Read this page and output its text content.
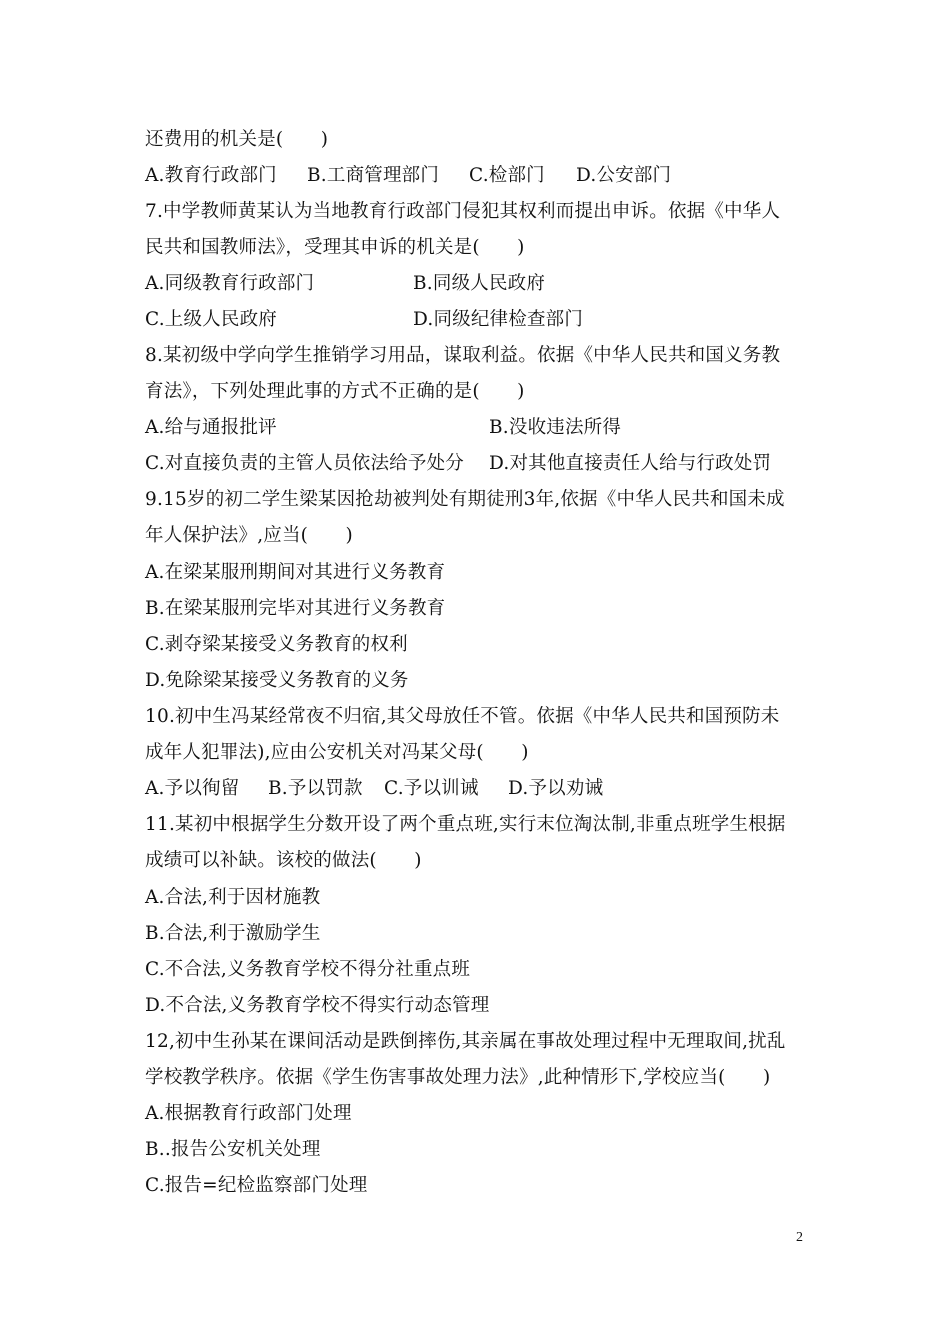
还费用的机关是(　　)
A.教育行政部门 B.工商管理部门 C.检部门 D.公安部门
7.中学教师黄某认为当地教育行政部门侵犯其权利而提出申诉。依据《中华人
民共和国教师法》，受理其申诉的机关是(　　)
A.同级教育行政部门	B.同级人民政府
C.上级人民政府	D.同级纪律检查部门
8.某初级中学向学生推销学习用品，谋取利益。依据《中华人民共和国义务教
育法》，下列处理此事的方式不正确的是(　　)
A.给与通报批评	B.没收违法所得
C.对直接负责的主管人员依法给予处分 D.对其他直接责任人给与行政处罚
9.15岁的初二学生梁某因抢劫被判处有期徒刑3年,依据《中华人民共和国未成
年人保护法》,应当(　　)
A.在梁某服刑期间对其进行义务教育
B.在梁某服刑完毕对其进行义务教育
C.剥夺梁某接受义务教育的权利
D.免除梁某接受义务教育的义务
10.初中生冯某经常夜不归宿,其父母放任不管。依据《中华人民共和国预防未
成年人犯罪法),应由公安机关对冯某父母(　　)
A.予以徇留 B.予以罚款 C.予以训诫 D.予以劝诫
11.某初中根据学生分数开设了两个重点班,实行末位淘汰制,非重点班学生根据
成绩可以补缺。该校的做法(　　)
A.合法,利于因材施教
B.合法,利于激励学生
C.不合法,义务教育学校不得分社重点班
D.不合法,义务教育学校不得实行动态管理
12,初中生孙某在课间活动是跌倒摔伤,其亲属在事故处理过程中无理取间,扰乱
学校教学秩序。依据《学生伤害事故处理力法》,此种情形下,学校应当(　　)
A.根据教育行政部门处理
B..报告公安机关处理
C.报告=纪检监察部门处理
2
